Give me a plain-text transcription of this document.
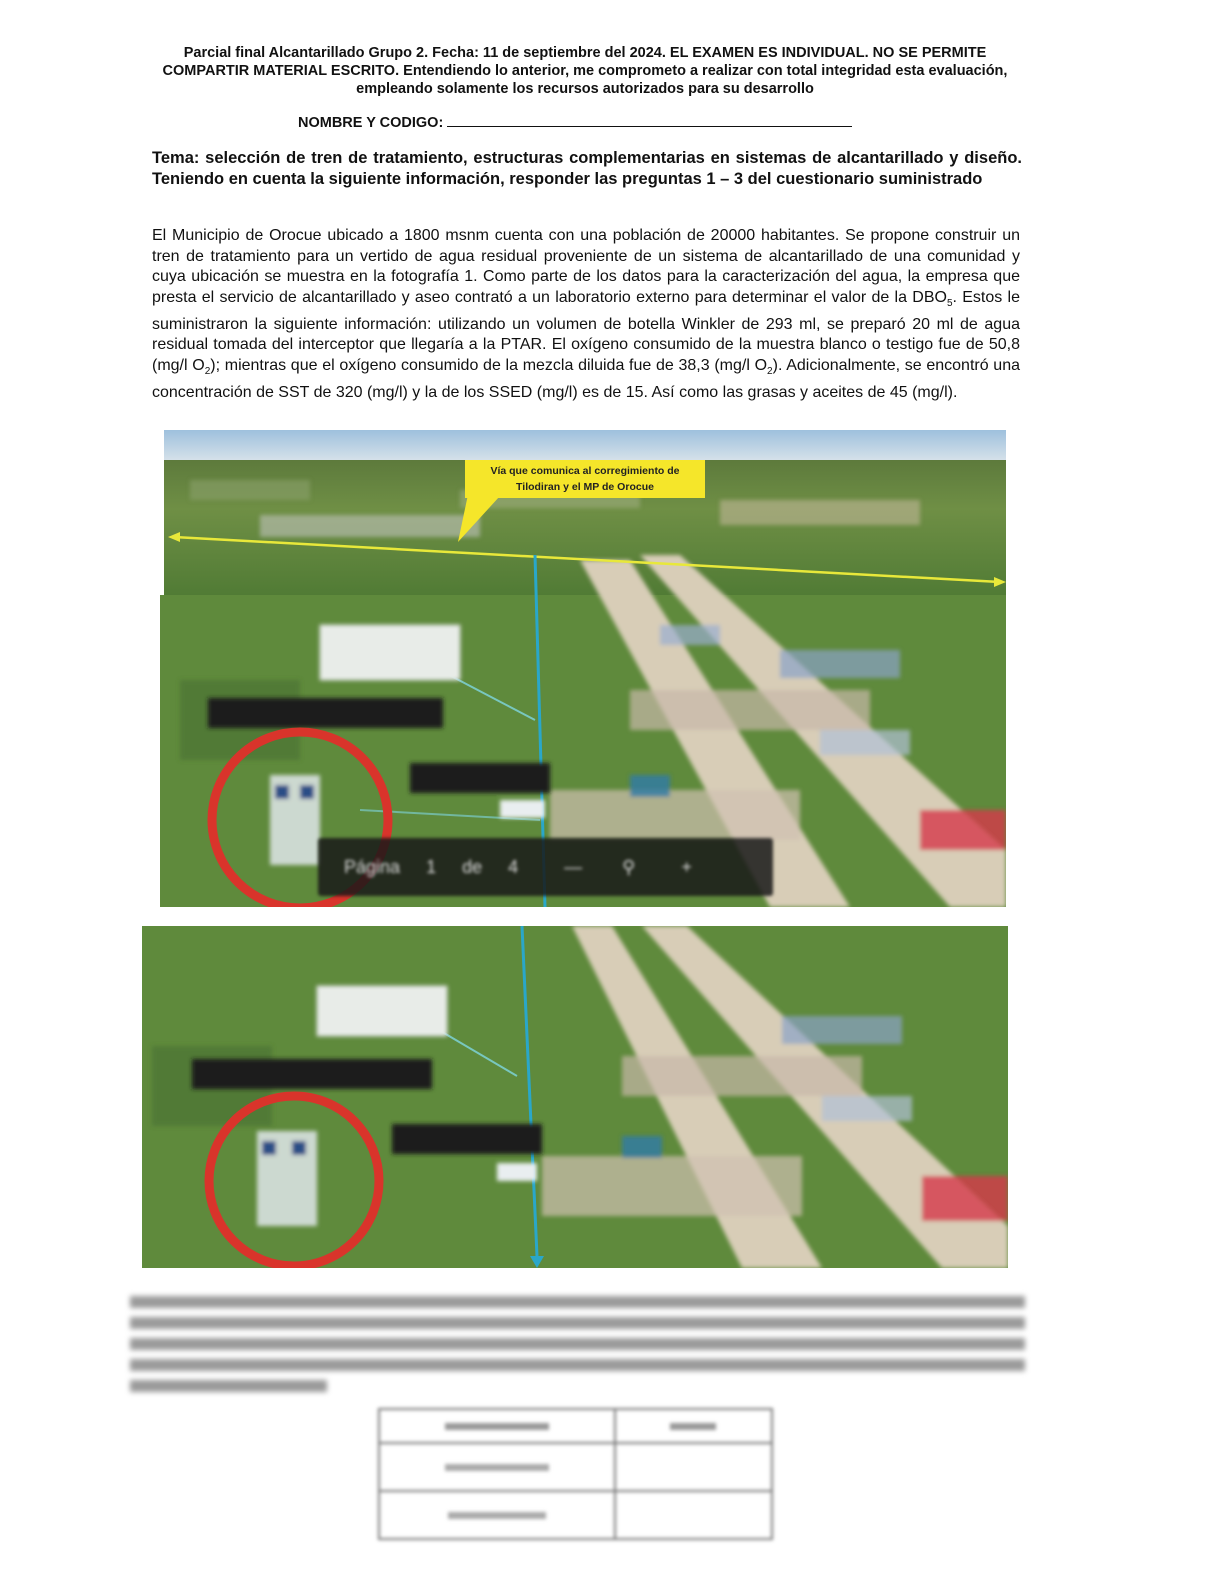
Parcial final Alcantarillado Grupo 2. Fecha: 11 de septiembre del 2024. EL EXAMEN ES INDIVIDUAL. NO SE PERMITE COMPARTIR MATERIAL ESCRITO. Entendiendo lo anterior, me comprometo a realizar con total integridad esta evaluación, empleando solamente los recursos autorizados para su desarrollo
NOMBRE Y CODIGO:
Tema: selección de tren de tratamiento, estructuras complementarias en sistemas de alcantarillado y diseño. Teniendo en cuenta la siguiente información, responder las preguntas 1 – 3 del cuestionario suministrado
El Municipio de Orocue ubicado a 1800 msnm cuenta con una población de 20000 habitantes. Se propone construir un tren de tratamiento para un vertido de agua residual proveniente de un sistema de alcantarillado de una comunidad y cuya ubicación se muestra en la fotografía 1. Como parte de los datos para la caracterización del agua, la empresa que presta el servicio de alcantarillado y aseo contrató a un laboratorio externo para determinar el valor de la $DBO_5$. Estos le suministraron la siguiente información: utilizando un volumen de botella Winkler de 293 ml, se preparó 20 ml de agua residual tomada del interceptor que llegaría a la PTAR. El oxígeno consumido de la muestra blanco o testigo fue de 50,8 (mg/l $O_2$); mientras que el oxígeno consumido de la mezcla diluida fue de 38,3 (mg/l $O_2$). Adicionalmente, se encontró una concentración de SST de 320 (mg/l) y la de los SSED (mg/l) es de 15. Así como las grasas y aceites de 45 (mg/l).
Vía que comunica al corregimiento de
Tilodiran y el MP de Orocue
Página 1 de 4	— ⚲	+
